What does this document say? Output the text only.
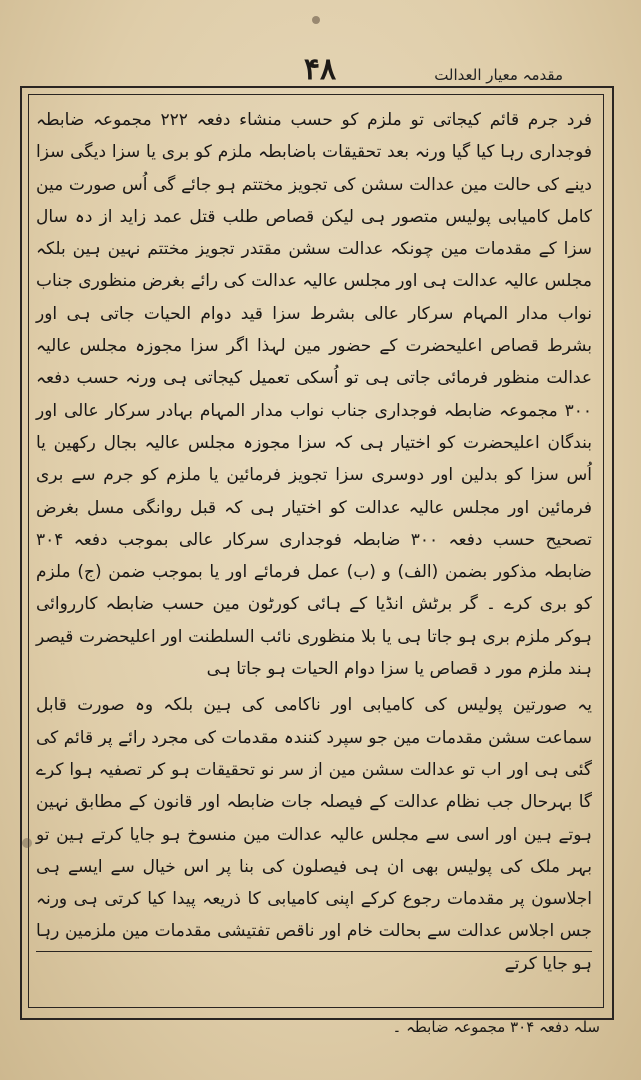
۴۸	مقدمہ معیار العدالت

فرد جرم قائم کیجاتی تو ملزم کو حسب منشاء دفعہ ۲۲۲ مجموعہ ضابطہ فوجداری رہا کیا گیا ورنہ بعد تحقیقات باضابطہ ملزم کو بری یا سزا دیگی سزا دینے کی حالت مین عدالت سشن کی تجویز مختتم ہو جائے گی اُس صورت مین کامل کامیابی پولیس متصور ہی لیکن قصاص طلب قتل عمد زاید از دہ سال سزا کے مقدمات مین چونکہ عدالت سشن مقتدر تجویز مختتم نہین ہین بلکہ مجلس عالیہ عدالت ہی اور مجلس عالیہ عدالت کی رائے بغرض منظوری جناب نواب مدار المہام سرکار عالی بشرط سزا قید دوام الحیات جاتی ہی اور بشرط قصاص اعلیحضرت کے حضور مین لہذا اگر سزا مجوزہ مجلس عالیہ عدالت منظور فرمائی جاتی ہی تو اُسکی تعمیل کیجاتی ہی ورنہ حسب دفعہ ۳۰۰ مجموعہ ضابطہ فوجداری جناب نواب مدار المہام بہادر سرکار عالی اور بندگان اعلیحضرت کو اختیار ہی کہ سزا مجوزہ مجلس عالیہ بجال رکھین یا اُس سزا کو بدلین اور دوسری سزا تجویز فرمائین یا ملزم کو جرم سے بری فرمائین اور مجلس عالیہ عدالت کو اختیار ہی کہ قبل روانگی مسل بغرض تصحیح حسب دفعہ ۳۰۰ ضابطہ فوجداری سرکار عالی بموجب دفعہ ۳۰۴ ضابطہ مذکور بضمن (الف) و (ب) عمل فرمائے اور یا بموجب ضمن (ج) ملزم کو بری کرے ۔ گر برٹش انڈیا کے ہائی کورٹون مین حسب ضابطہ کارروائی ہوکر ملزم بری ہو جاتا ہی یا بلا منظوری نائب السلطنت اور اعلیحضرت قیصر ہند ملزم مور د قصاص یا سزا دوام الحیات ہو جاتا ہی

یہ صورتین پولیس کی کامیابی اور ناکامی کی ہین بلکہ وہ صورت قابل سماعت سشن مقدمات مین جو سپرد کنندہ مقدمات کی مجرد رائے پر قائم کی گئی ہی اور اب تو عدالت سشن مین از سر نو تحقیقات ہو کر تصفیہ ہوا کرے گا بہرحال جب نظام عدالت کے فیصلہ جات ضابطہ اور قانون کے مطابق نہین ہوتے ہین اور اسی سے مجلس عالیہ عدالت مین منسوخ ہو جایا کرتے ہین تو بہر ملک کی پولیس بھی ان ہی فیصلون کی بنا پر اس خیال سے ایسے ہی اجلاسون پر مقدمات رجوع کرکے اپنی کامیابی کا ذریعہ پیدا کیا کرتی ہی ورنہ جس اجلاس عدالت سے بحالت خام اور ناقص تفتیشی مقدمات مین ملزمین رہا ہو جایا کرتے

سلہ دفعہ ۳۰۴ مجموعہ ضابطہ ۔
